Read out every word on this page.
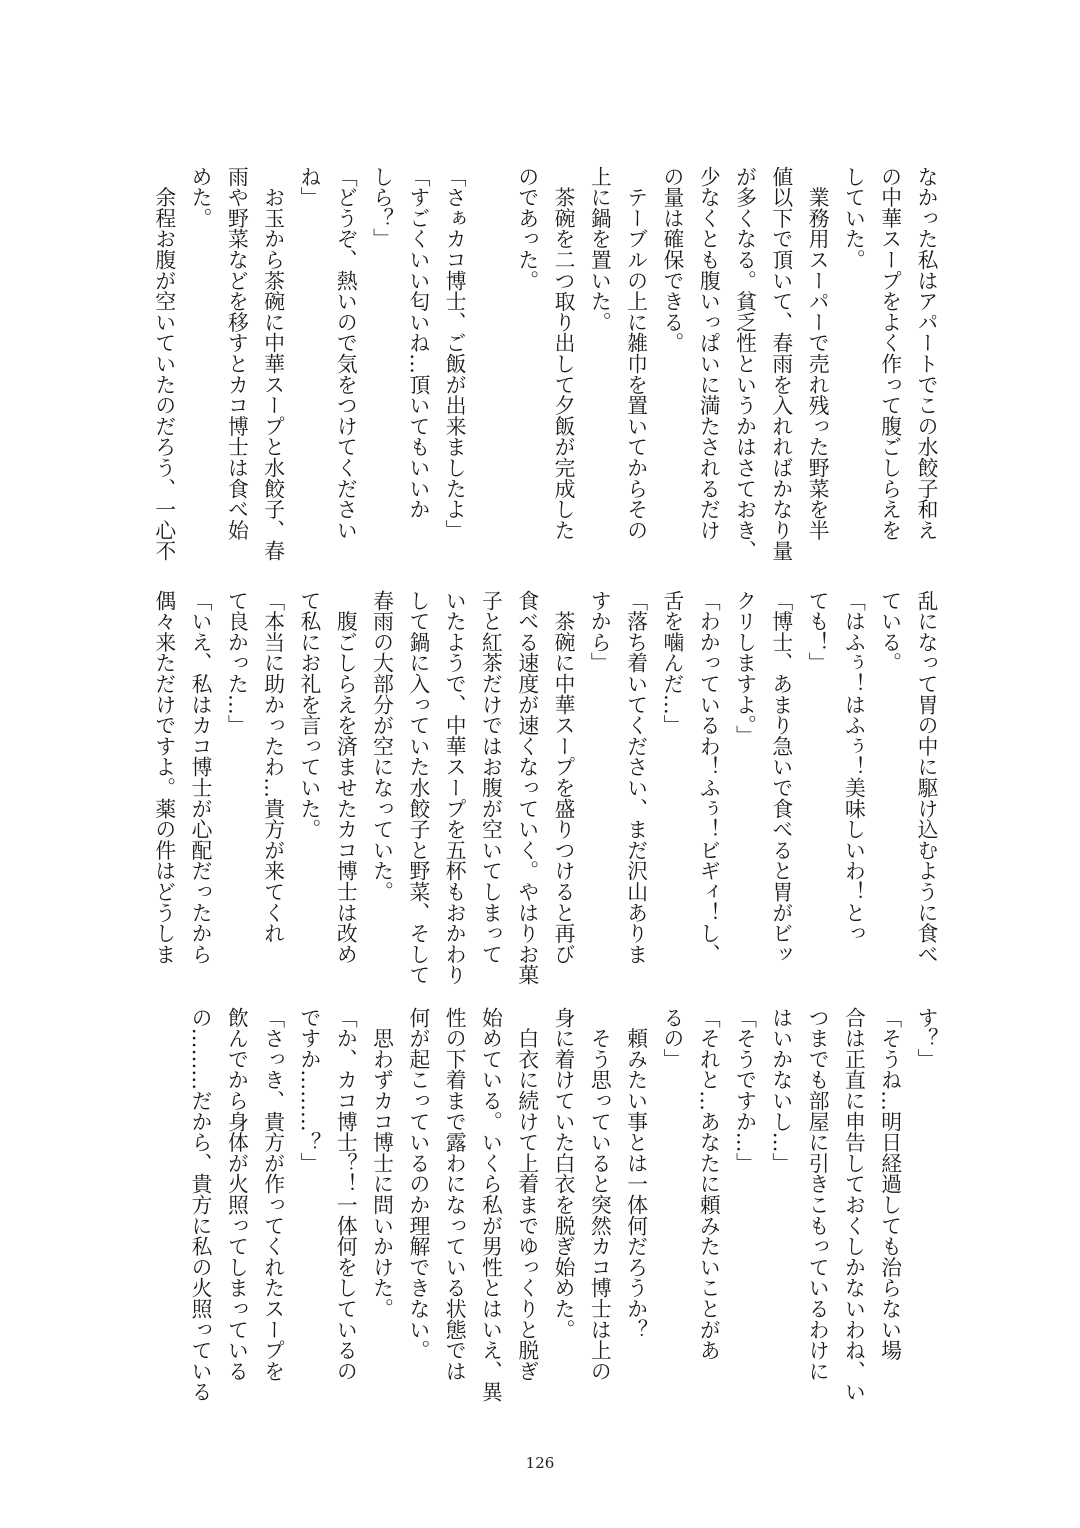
なかった私はアパートでこの水餃子和え
の中華スープをよく作って腹ごしらえを
していた。
　業務用スーパーで売れ残った野菜を半
値以下で頂いて、春雨を入れればかなり量
が多くなる。貧乏性というかはさておき、
少なくとも腹いっぱいに満たされるだけ
の量は確保できる。
　テーブルの上に雑巾を置いてからその
上に鍋を置いた。
　茶碗を二つ取り出して夕飯が完成した
のであった。
「さぁカコ博士、ご飯が出来ましたよ」
「すごくいい匂いね…頂いてもいいか
しら？」
「どうぞ、熱いので気をつけてください
ね」
　お玉から茶碗に中華スープと水餃子、春
雨や野菜などを移すとカコ博士は食べ始
めた。
　余程お腹が空いていたのだろう、一心不
乱になって胃の中に駆け込むように食べ
ている。
「はふぅ！はふぅ！美味しいわ！とっ
ても！」
「博士、あまり急いで食べると胃がビッ
クリしますよ。」
「わかっているわ！ふぅ！ビギィ！し、
舌を噛んだ…」
「落ち着いてください、まだ沢山ありま
すから」
　茶碗に中華スープを盛りつけると再び
食べる速度が速くなっていく。やはりお菓
子と紅茶だけではお腹が空いてしまって
いたようで、中華スープを五杯もおかわり
して鍋に入っていた水餃子と野菜、そして
春雨の大部分が空になっていた。
　腹ごしらえを済ませたカコ博士は改め
て私にお礼を言っていた。
「本当に助かったわ…貴方が来てくれ
て良かった…」
「いえ、私はカコ博士が心配だったから
偶々来ただけですよ。薬の件はどうしま
す？」
「そうね…明日経過しても治らない場
合は正直に申告しておくしかないわね、い
つまでも部屋に引きこもっているわけに
はいかないし…」
「そうですか…」
「それと…あなたに頼みたいことがあ
るの」
　頼みたい事とは一体何だろうか？
　そう思っていると突然カコ博士は上の
身に着けていた白衣を脱ぎ始めた。
　白衣に続けて上着までゆっくりと脱ぎ
始めている。いくら私が男性とはいえ、異
性の下着まで露わになっている状態では
何が起こっているのか理解できない。
　思わずカコ博士に問いかけた。
「か、カコ博士？！一体何をしているの
ですか………？」
「さっき、貴方が作ってくれたスープを
飲んでから身体が火照ってしまっている
の………だから、貴方に私の火照っている
126
